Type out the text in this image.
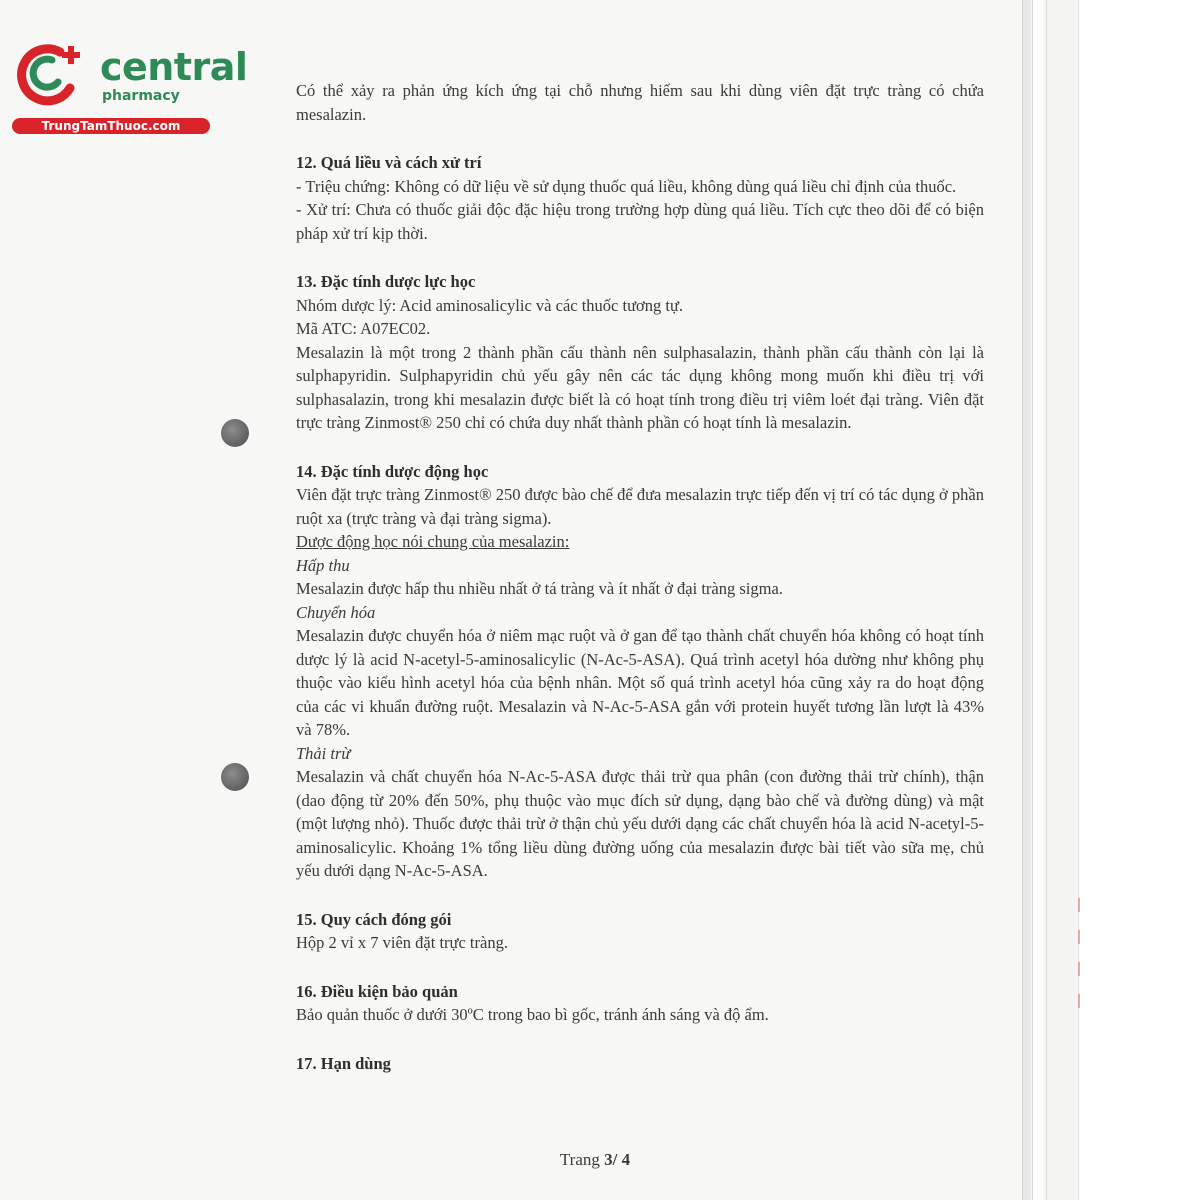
central
pharmacy
TrungTamThuoc.com

Có thể xảy ra phản ứng kích ứng tại chỗ nhưng hiếm sau khi dùng viên đặt trực tràng có chứa

mesalazin.

12. Quá liều và cách xử trí

- Triệu chứng: Không có dữ liệu về sử dụng thuốc quá liều, không dùng quá liều chỉ định của thuốc.

- Xử trí: Chưa có thuốc giải độc đặc hiệu trong trường hợp dùng quá liều. Tích cực theo dõi để có biện pháp xử trí kịp thời.

13. Đặc tính dược lực học

Nhóm dược lý: Acid aminosalicylic và các thuốc tương tự.

Mã ATC: A07EC02.

Mesalazin là một trong 2 thành phần cấu thành nên sulphasalazin, thành phần cấu thành còn lại là sulphapyridin. Sulphapyridin chủ yếu gây nên các tác dụng không mong muốn khi điều trị với sulphasalazin, trong khi mesalazin được biết là có hoạt tính trong điều trị viêm loét đại tràng. Viên đặt trực tràng Zinmost® 250 chỉ có chứa duy nhất thành phần có hoạt tính là mesalazin.

14. Đặc tính dược động học

Viên đặt trực tràng Zinmost® 250 được bào chế để đưa mesalazin trực tiếp đến vị trí có tác dụng ở phần ruột xa (trực tràng và đại tràng sigma).

Dược động học nói chung của mesalazin:

Hấp thu

Mesalazin được hấp thu nhiều nhất ở tá tràng và ít nhất ở đại tràng sigma.

Chuyển hóa

Mesalazin được chuyển hóa ở niêm mạc ruột và ở gan để tạo thành chất chuyển hóa không có hoạt tính dược lý là acid N-acetyl-5-aminosalicylic (N-Ac-5-ASA). Quá trình acetyl hóa dường như không phụ thuộc vào kiểu hình acetyl hóa của bệnh nhân. Một số quá trình acetyl hóa cũng xảy ra do hoạt động của các vi khuẩn đường ruột. Mesalazin và N-Ac-5-ASA gắn với protein huyết tương lần lượt là 43% và 78%.

Thải trừ

Mesalazin và chất chuyển hóa N-Ac-5-ASA được thải trừ qua phân (con đường thải trừ chính), thận (dao động từ 20% đến 50%, phụ thuộc vào mục đích sử dụng, dạng bào chế và đường dùng) và mật (một lượng nhỏ). Thuốc được thải trừ ở thận chủ yếu dưới dạng các chất chuyển hóa là acid N-acetyl-5-aminosalicylic. Khoảng 1% tổng liều dùng đường uống của mesalazin được bài tiết vào sữa mẹ, chủ yếu dưới dạng N-Ac-5-ASA.

15. Quy cách đóng gói

Hộp 2 vỉ x 7 viên đặt trực tràng.

16. Điều kiện bảo quản

Bảo quản thuốc ở dưới 30ºC trong bao bì gốc, tránh ánh sáng và độ ẩm.

17. Hạn dùng
Trang 3/ 4
